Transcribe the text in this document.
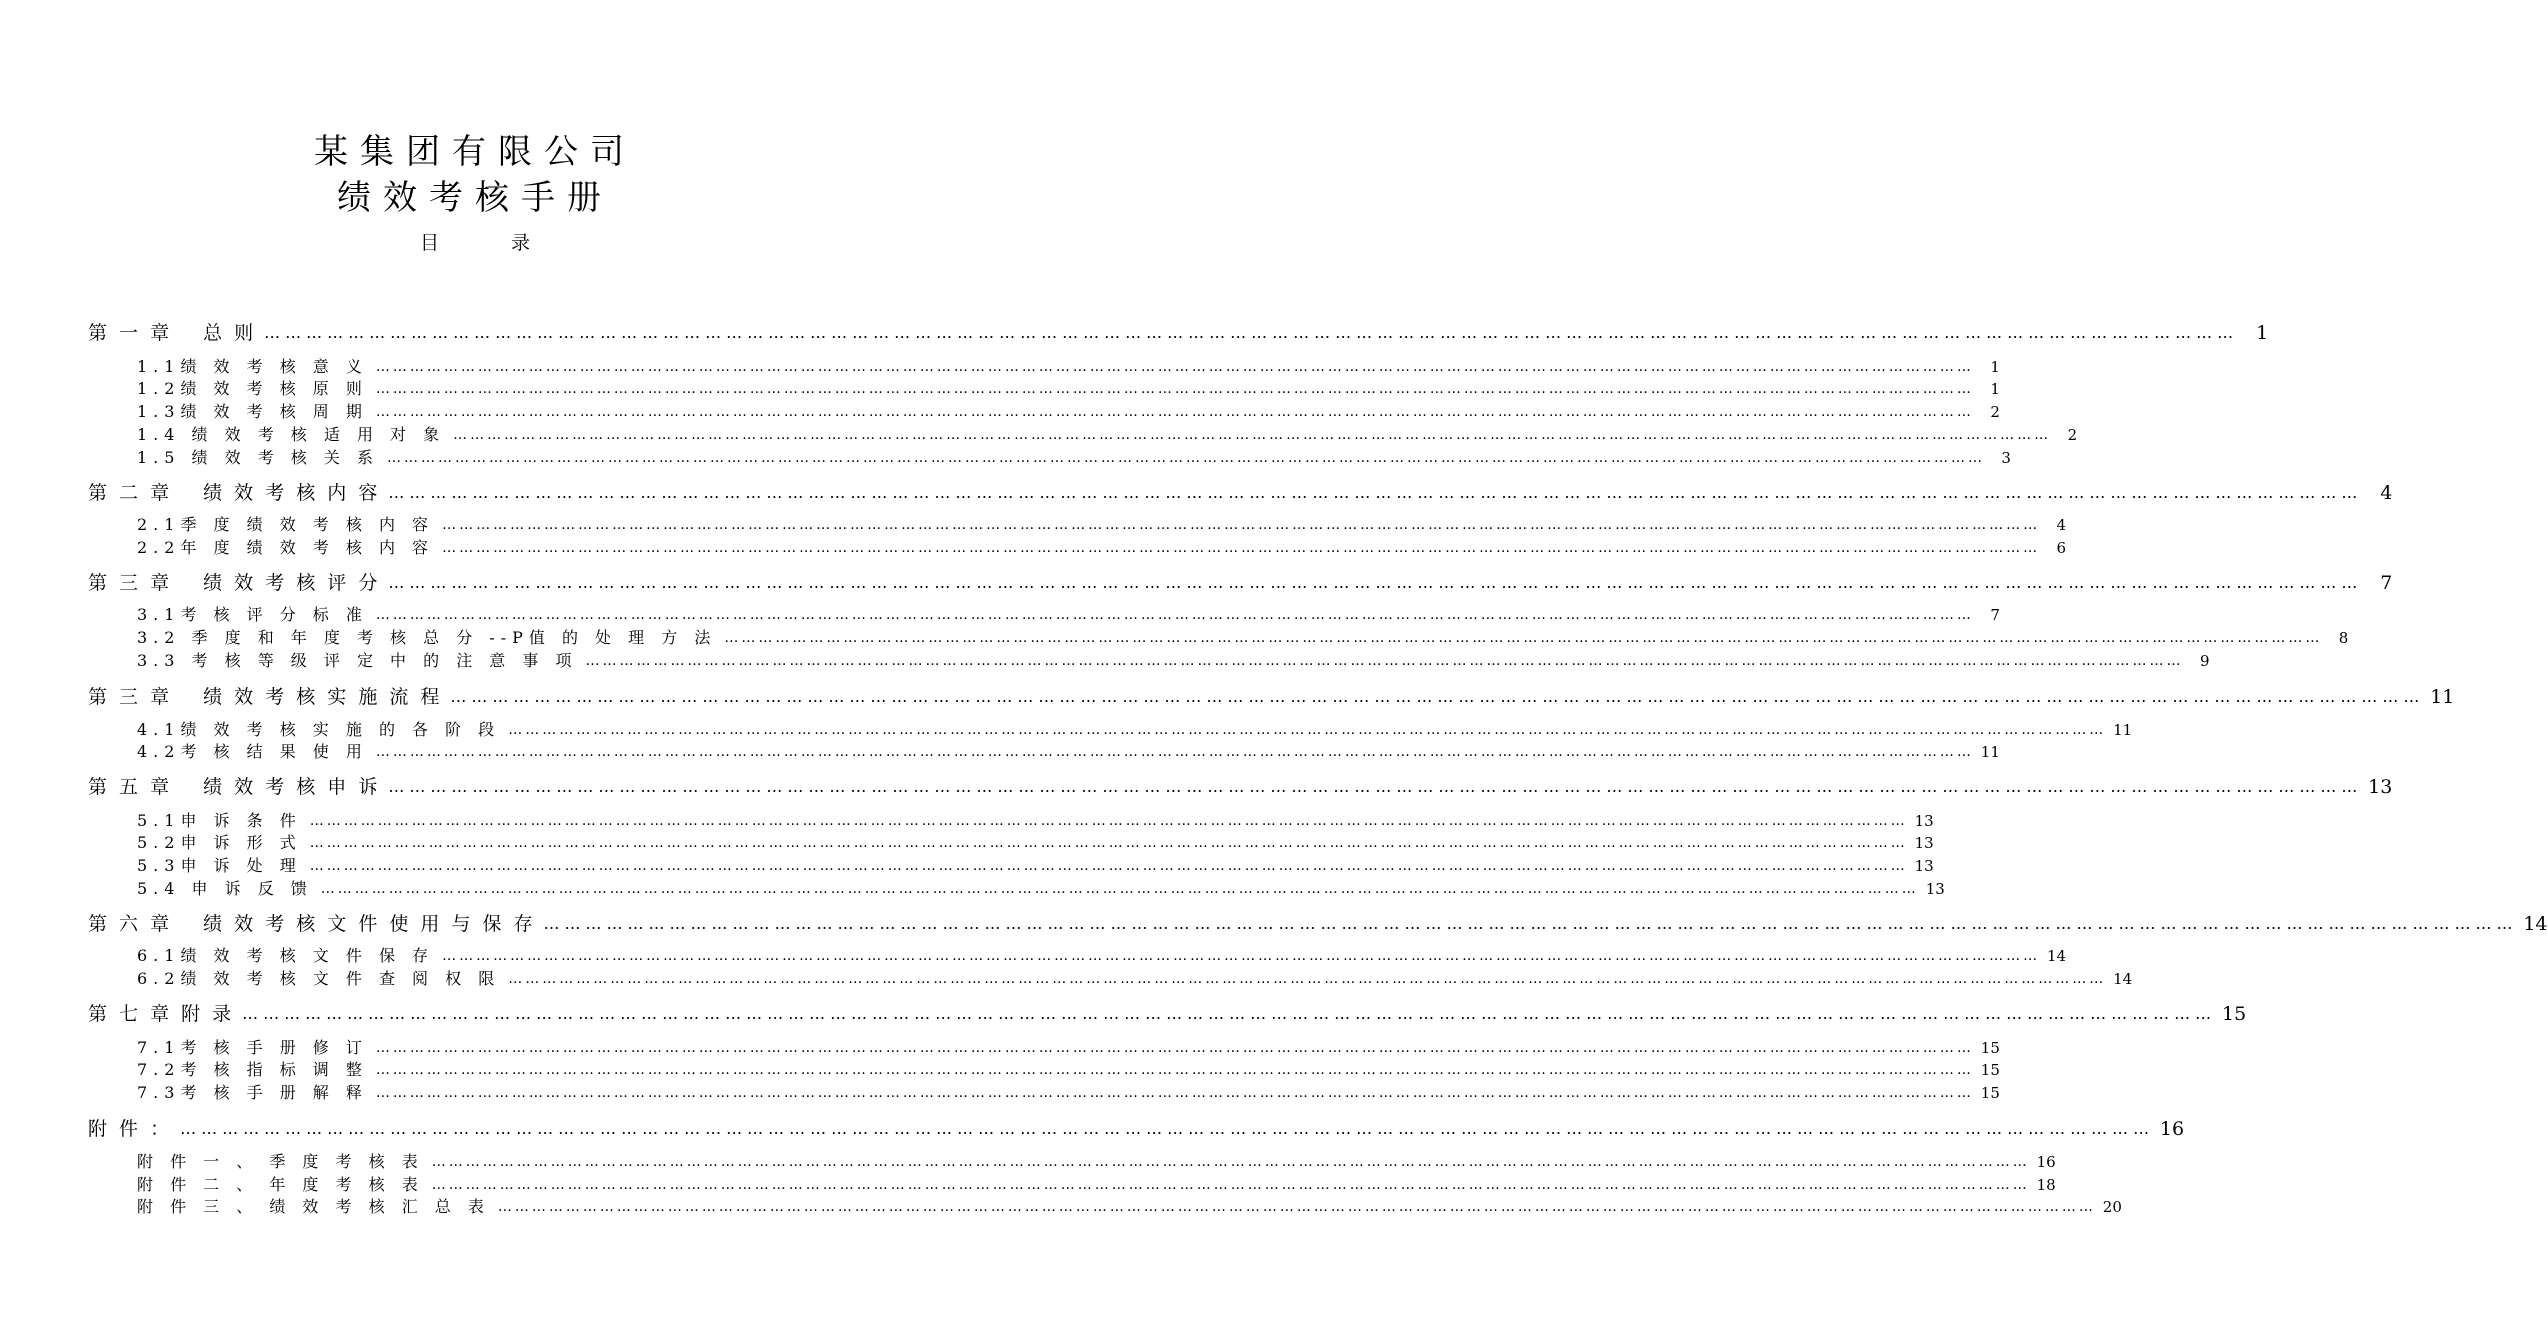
某集团有限公司
绩效考核手册
目	录
第 一 章　 总 则 ………………………………………………………………………………………………………………………………………………………………………………………………………………………………………………………… 1
1.1绩 效 考 核 意 义 …………………………………………………………………………………………………………………………………………………………………………………………………………………………………………………………	1
1.2绩 效 考 核 原 则 …………………………………………………………………………………………………………………………………………………………………………………………………………………………………………………………	1
1.3绩 效 考 核 周 期 …………………………………………………………………………………………………………………………………………………………………………………………………………………………………………………………	2
1.4 绩 效 考 核 适 用 对 象 …………………………………………………………………………………………………………………………………………………………………………………………………………………………………………………………	2
1.5 绩 效 考 核 关 系 …………………………………………………………………………………………………………………………………………………………………………………………………………………………………………………………	3
第 二 章　 绩 效 考 核 内 容 ………………………………………………………………………………………………………………………………………………………………………………………………………………………………………………………… 4
2.1季 度 绩 效 考 核 内 容 …………………………………………………………………………………………………………………………………………………………………………………………………………………………………………………………	4
2.2年 度 绩 效 考 核 内 容 …………………………………………………………………………………………………………………………………………………………………………………………………………………………………………………………	6
第 三 章　 绩 效 考 核 评 分 ………………………………………………………………………………………………………………………………………………………………………………………………………………………………………………………… 7
3.1考 核 评 分 标 准 …………………………………………………………………………………………………………………………………………………………………………………………………………………………………………………………	7
3.2 季 度 和 年 度 考 核 总 分 --P值 的 处 理 方 法 …………………………………………………………………………………………………………………………………………………………………………………………………………………………………………………………	8
3.3 考 核 等 级 评 定 中 的 注 意 事 项 …………………………………………………………………………………………………………………………………………………………………………………………………………………………………………………………	9
第 三 章　 绩 效 考 核 实 施 流 程 ………………………………………………………………………………………………………………………………………………………………………………………………………………………………………………………… 11
4.1绩 效 考 核 实 施 的 各 阶 段 ………………………………………………………………………………………………………………………………………………………………………………………………………………………………………………………… 11
4.2考 核 结 果 使 用 ………………………………………………………………………………………………………………………………………………………………………………………………………………………………………………………… 11
第 五 章　 绩 效 考 核 申 诉 ………………………………………………………………………………………………………………………………………………………………………………………………………………………………………………………… 13
5.1申 诉 条 件 ………………………………………………………………………………………………………………………………………………………………………………………………………………………………………………………… 13
5.2申 诉 形 式 ………………………………………………………………………………………………………………………………………………………………………………………………………………………………………………………… 13
5.3申 诉 处 理 ………………………………………………………………………………………………………………………………………………………………………………………………………………………………………………………… 13
5.4 申 诉 反 馈 ………………………………………………………………………………………………………………………………………………………………………………………………………………………………………………………… 13
第 六 章　 绩 效 考 核 文 件 使 用 与 保 存 ………………………………………………………………………………………………………………………………………………………………………………………………………………………………………………………… 14
6.1绩 效 考 核 文 件 保 存 ………………………………………………………………………………………………………………………………………………………………………………………………………………………………………………………… 14
6.2绩 效 考 核 文 件 查 阅 权 限 ………………………………………………………………………………………………………………………………………………………………………………………………………………………………………………………… 14
第 七 章 附 录 ………………………………………………………………………………………………………………………………………………………………………………………………………………………………………………………… 15
7.1考 核 手 册 修 订 ………………………………………………………………………………………………………………………………………………………………………………………………………………………………………………………… 15
7.2考 核 指 标 调 整 ………………………………………………………………………………………………………………………………………………………………………………………………………………………………………………………… 15
7.3考 核 手 册 解 释 ………………………………………………………………………………………………………………………………………………………………………………………………………………………………………………………… 15
附 件 ： ………………………………………………………………………………………………………………………………………………………………………………………………………………………………………………………… 16
附 件 一 、 季 度 考 核 表 ………………………………………………………………………………………………………………………………………………………………………………………………………………………………………………………… 16
附 件 二 、 年 度 考 核 表 ………………………………………………………………………………………………………………………………………………………………………………………………………………………………………………………… 18
附 件 三 、 绩 效 考 核 汇 总 表 ………………………………………………………………………………………………………………………………………………………………………………………………………………………………………………………… 20
